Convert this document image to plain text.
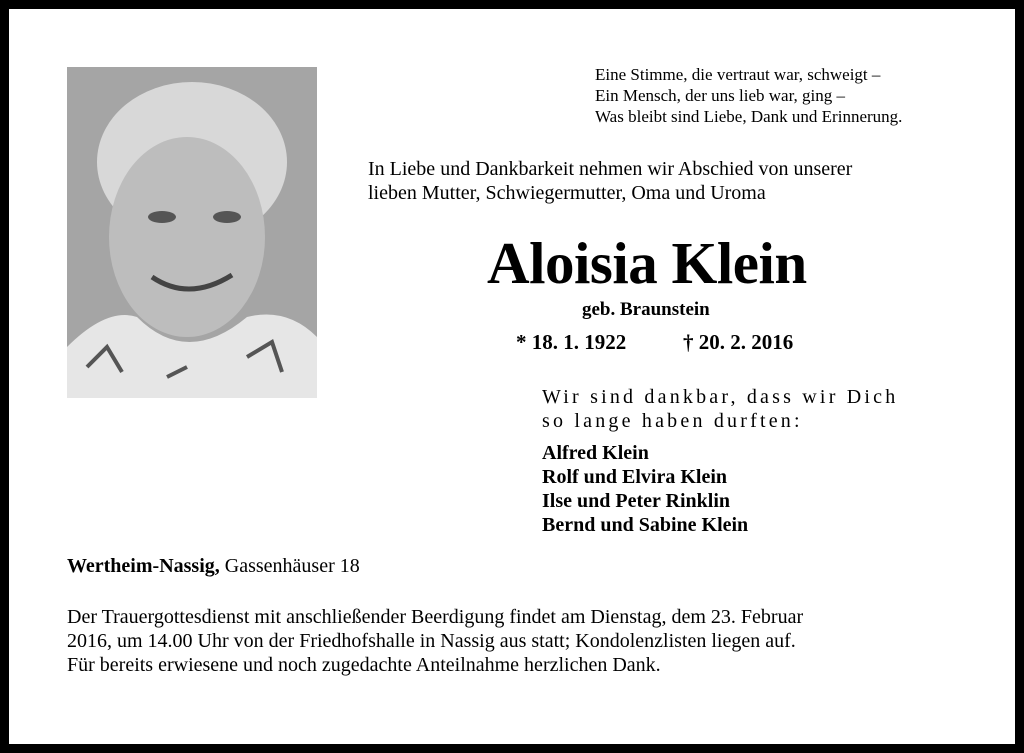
Eine Stimme, die vertraut war, schweigt –
Ein Mensch, der uns lieb war, ging –
Was bleibt sind Liebe, Dank und Erinnerung.
In Liebe und Dankbarkeit nehmen wir Abschied von unserer
lieben Mutter, Schwiegermutter, Oma und Uroma
Aloisia Klein
geb. Braunstein
* 18. 1. 1922	† 20. 2. 2016
Wir sind dankbar, dass wir Dich
so lange haben durften:
Alfred Klein
Rolf und Elvira Klein
Ilse und Peter Rinklin
Bernd und Sabine Klein
Wertheim-Nassig, Gassenhäuser 18
Der Trauergottesdienst mit anschließender Beerdigung findet am Dienstag, dem 23. Februar
2016, um 14.00 Uhr von der Friedhofshalle in Nassig aus statt; Kondolenzlisten liegen auf.
Für bereits erwiesene und noch zugedachte Anteilnahme herzlichen Dank.
